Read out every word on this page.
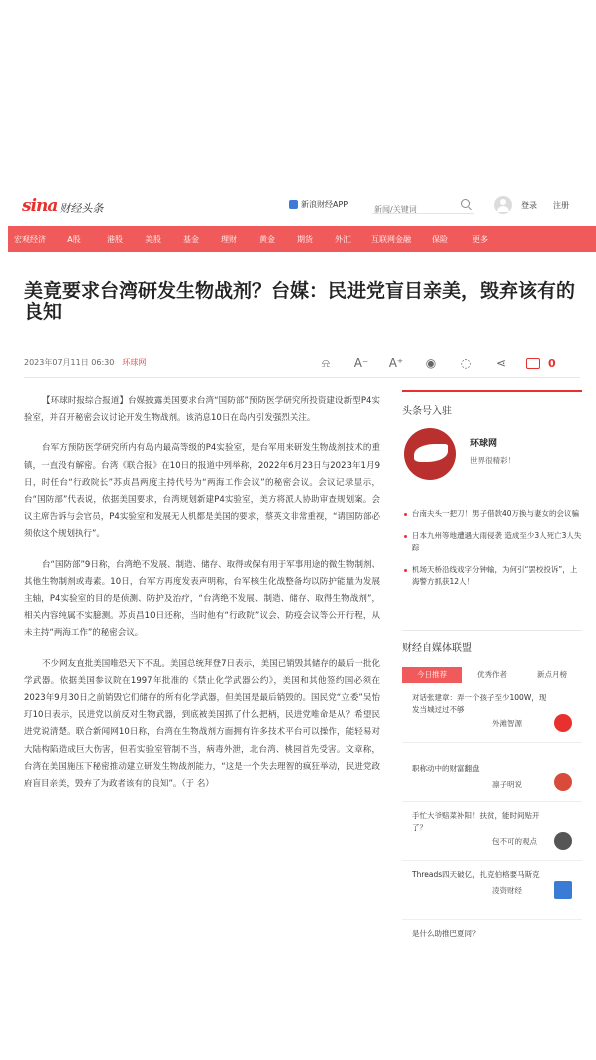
sina 财经头条	新浪财经APP
新闻/关键词	登录 注册
宏观经济	A股	港股	美股	基金	理财	黄金	期货	外汇	互联网金融	保险	更多
美竟要求台湾研发生物战剂？台媒：民进党盲目亲美，毁弃该有的良知
2023年07月11日 06:30 环球网	⍾	A⁻ A⁺	◉	◌	⋖	0

【环球时报综合报道】台媒披露美国要求台湾“国防部”预防医学研究所投资建设新型P4实验室，并召开秘密会议讨论开发生物战剂。该消息10日在岛内引发强烈关注。

台军方预防医学研究所内有岛内最高等级的P4实验室，是台军用来研发生物战剂技术的重镇，一直没有解密。台湾《联合报》在10日的报道中列举称，2022年6月23日与2023年1月9日，时任台“行政院长”苏贞昌两度主持代号为“两海工作会议”的秘密会议。会议记录显示，台“国防部”代表说，依据美国要求，台湾规划新建P4实验室，美方将派人协助审查规划案。会议主席告诉与会官员，P4实验室和发展无人机都是美国的要求，蔡英文非常重视，“请国防部必须依这个规划执行”。

台“国防部”9日称，台湾绝不发展、制造、储存、取得或保有用于军事用途的微生物制剂、其他生物制剂或毒素。10日，台军方再度发表声明称，台军核生化战整备均以防护能量为发展主轴，P4实验室的目的是侦测、防护及治疗，“台湾绝不发展、制造、储存、取得生物战剂”，相关内容纯属不实臆测。苏贞昌10日还称，当时他有“行政院”议会、防疫会议等公开行程，从未主持“两海工作”的秘密会议。

不少网友直批美国唯恐天下不乱。美国总统拜登7日表示，美国已销毁其储存的最后一批化学武器。依据美国参议院在1997年批准的《禁止化学武器公约》，美国和其他签约国必须在2023年9月30日之前销毁它们储存的所有化学武器，但美国是最后销毁的。国民党“立委”吴怡玎10日表示，民进党以前反对生物武器，到底被美国抓了什么把柄，民进党唯命是从？希望民进党说清楚。联合新闻网10日称，台湾在生物战剂方面拥有许多技术平台可以操作，能轻易对大陆构陷造成巨大伤害，但若实验室管制不当，病毒外泄，北台湾、桃园首先受害。文章称，台湾在美国施压下秘密推动建立研发生物战剂能力，“这是一个失去理智的疯狂举动，民进党政府盲目亲美，毁弃了为政者该有的良知”。（于 名）

头条号入驻
环球网
世界很精彩！
台南夫头一把刀！男子借款40万换与妻女的会议骗
日本九州等地遭遇大雨侵袭 造成至少3人死亡3人失踪
机场天桥沿线戏字分钟输，为何引“罢校投诉”，上海警方抓获12人！
财经自媒体联盟
今日推荐	优秀作者	新点月榜
对话张建章：弄一个孩子至少100W，现发当城过过不够
外滩智源
职称动中的财富翻盘
凛子明说
手忙大爷赔菜补阳！扶贫，能时间贴开了？
包不可的观点
Threads四天破亿，扎克伯格要马斯克
凌资财经
是什么助推巴夏同？
